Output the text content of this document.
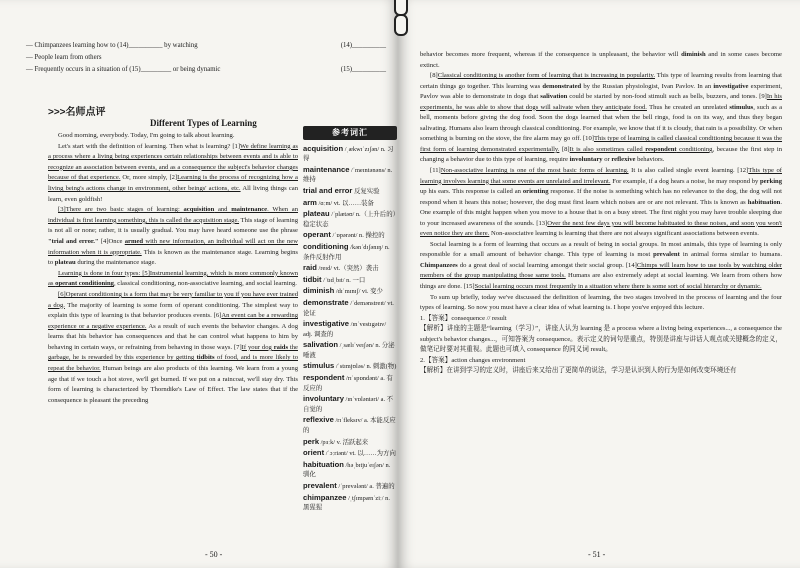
— Chimpanzees learning how to (14)__________ by watching	(14)__________
— People learn from others
— Frequently occurs in a situation of (15)_________ or being dynamic	(15)__________
>>>名师点评
Different Types of Learning

Good morning, everybody. Today, I'm going to talk about learning.

Let's start with the definition of learning. Then what is learning? [1]We define learning as a process where a living being experiences certain relationships between events and is able to recognize an association between events, and as a consequence the subject's behavior changes because of that experience. Or, more simply, [2]Learning is the process of recognizing how a living being's actions change in environment, other beings' actions, etc. All living things can learn, even goldfish!

[3]There are two basic stages of learning: acquisition and maintenance. When an individual is first learning something, this is called the acquisition stage. This stage of learning is not all or none; rather, it is usually gradual. You may have heard someone use the phrase "trial and error." [4]Once armed with new information, an individual will act on the new information when it is appropriate. This is known as the maintenance stage. Learning begins to plateau during the maintenance stage.

Learning is done in four types: [5]Instrumental learning, which is more commonly known as operant conditioning, classical conditioning, non-associative learning, and social learning.

[6]Operant conditioning is a form that may be very familiar to you if you have ever trained a dog. The majority of learning is some form of operant conditioning. The simplest way to explain this type of learning is that behavior produces events. [6]An event can be a rewarding experience or a negative experience. As a result of such events the behavior changes. A dog learns that his behavior has consequences and that he can control what happens to him by behaving in certain ways, or refraining from behaving in those ways. [7]If your dog raids the garbage, he is rewarded by this experience by getting tidbits of food, and is more likely to repeat the behavior. Human beings are also products of this learning. We learn from a young age that if we touch a hot stove, we'll get burned. If we put on a raincoat, we'll stay dry. This form of learning is characterized by Thorndike's Law of Effect. The law states that if the consequence is pleasant the preceding

参考词汇
acquisition /ˌækwɪˈzɪʃən/ n. 习得
maintenance /ˈmeɪntənəns/ n. 维持
trial and error 反复实验
arm /ɑːm/ vt. 以……装备
plateau /ˈplætəʊ/ n.（上升后的）稳定状态
operant /ˈɒpərənt/ n. 操控的
conditioning /kənˈdɪʃənɪŋ/ n. 条件反射作用
raid /reɪd/ vt.（突然）袭击
tidbit /ˈtɪdˌbɪt/ n. 一口
diminish /dɪˈmɪnɪʃ/ vi. 变少
demonstrate /ˈdemənstreɪt/ vt. 论证
investigative /ɪnˈvestɪgətɪv/ adj. 调查的
salivation /ˌsælɪˈveɪʃən/ n. 分泌唾液
stimulus /ˈstɪmjʊləs/ n. 刺激(物)
respondent /rɪˈspɒndənt/ a. 有反应的
involuntary /ɪnˈvɒləntəri/ a. 不自觉的
reflexive /rɪˈfleksɪv/ a. 本能反应的
perk /pɜːk/ v. 活跃起来
orient /ˈɔːriənt/ vt. 以……为方向
habituation /həˌbɪtjuˈeɪʃən/ n. 驯化
prevalent /ˈprevələnt/ a. 普遍的
chimpanzee /ˌtʃɪmpænˈziː/ n. 黑猩猩
- 50 -

behavior becomes more frequent, whereas if the consequence is unpleasant, the behavior will diminish and in some cases become extinct.

[8]Classical conditioning is another form of learning that is increasing in popularity. This type of learning results from learning that certain things go together. This learning was demonstrated by the Russian physiologist, Ivan Pavlov. In an investigative experiment, Pavlov was able to demonstrate in dogs that salivation could be started by non-food stimuli such as bells, buzzers, and tones. [9]In his experiments, he was able to show that dogs will salivate when they anticipate food. Thus he created an unrelated stimulus, such as a bell, moments before giving the dog food. Soon the dogs learned that when the bell rings, food is on its way, and thus they began salivating. Humans also learn through classical conditioning. For example, we know that if it is cloudy, that rain is a possibility. Or when something is burning on the stove, the fire alarm may go off. [10]This type of learning is called classical conditioning because it was the first form of learning demonstrated experimentally. [8]It is also sometimes called respondent conditioning, because the first step in changing a behavior due to this type of learning, require involuntary or reflexive behaviors.

[11]Non-associative learning is one of the most basic forms of learning. It is also called single event learning. [12]This type of learning involves learning that some events are unrelated and irrelevant. For example, if a dog hears a noise, he may respond by perking up his ears. This response is called an orienting response. If the noise is something which has no relevance to the dog, the dog will not respond when it hears this noise; however, the dog must first learn which noises are or are not relevant. This is known as habituation. One example of this might happen when you move to a house that is on a busy street. The first night you may have trouble sleeping due to your increased awareness of the sounds. [13]Over the next few days you will become habituated to these noises, and soon you won't even notice they are there. Non-associative learning is learning that there are not always significant associations between events.

Social learning is a form of learning that occurs as a result of being in social groups. In most animals, this type of learning is only responsible for a small amount of behavior change. This type of learning is most prevalent in animal forms similar to humans. Chimpanzees do a great deal of social learning amongst their social group. [14]Chimps will learn how to use tools by watching older members of the group manipulating those same tools. Humans are also extremely adept at social learning. We learn from others how things are done. [15]Social learning occurs most frequently in a situation where there is some sort of social hierarchy or dynamic.

To sum up briefly, today we've discussed the definition of learning, the two stages involved in the process of learning and the four types of learning. So now you must have a clear idea of what learning is. I hope you've enjoyed this lecture.

1.【答案】consequence // result

【解析】讲座的主题是“learning（学习）”，讲座人认为 learning 是 a process where a living being experiences..., a consequence the subject's behavior changes...，可知答案为 consequence。表示定义的词句是重点，特别是讲座与讲话人观点或关键概念的定义，做笔记时要对其重视。此题也可填入 consequence 的同义词 result。

2.【答案】action changes environment

【解析】在讲到学习的定义时，讲座后来又给出了更简单的说法，学习是认识到人的行为是如何改变环境还有

- 51 -
